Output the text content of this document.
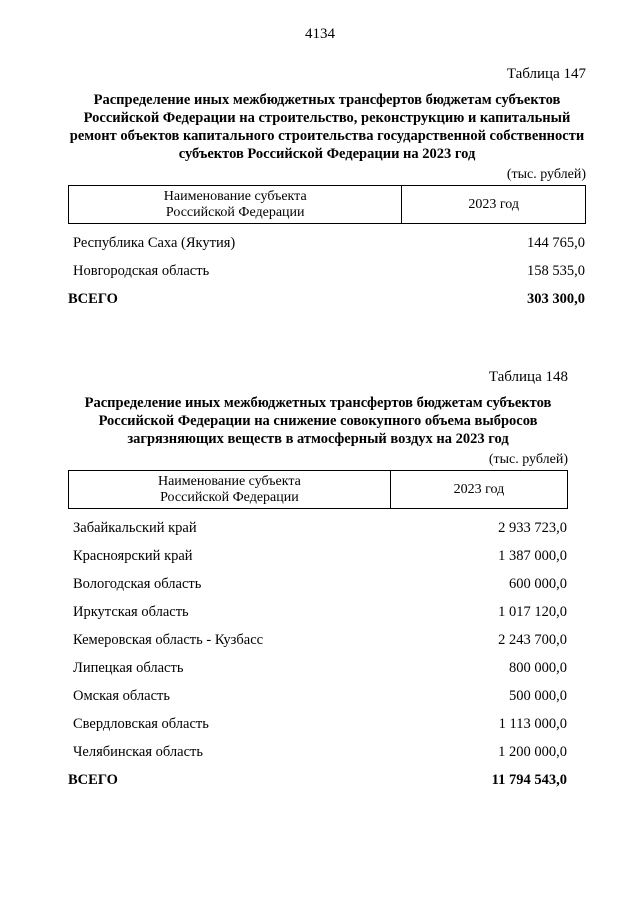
4134
Таблица 147
Распределение иных межбюджетных трансфертов бюджетам субъектов Российской Федерации на строительство, реконструкцию и капитальный ремонт объектов капитального строительства государственной собственности субъектов Российской Федерации на 2023 год
(тыс. рублей)
Наименование субъекта
Российской Федерации	2023 год
Республика Саха (Якутия)	144 765,0
Новгородская область	158 535,0
ВСЕГО	303 300,0
Таблица 148
Распределение иных межбюджетных трансфертов бюджетам субъектов Российской Федерации на снижение совокупного объема выбросов загрязняющих веществ в атмосферный воздух на 2023 год
(тыс. рублей)
Наименование субъекта
Российской Федерации	2023 год
Забайкальский край	2 933 723,0
Красноярский край	1 387 000,0
Вологодская область	600 000,0
Иркутская область	1 017 120,0
Кемеровская область - Кузбасс	2 243 700,0
Липецкая область	800 000,0
Омская область	500 000,0
Свердловская область	1 113 000,0
Челябинская область	1 200 000,0
ВСЕГО	11 794 543,0
